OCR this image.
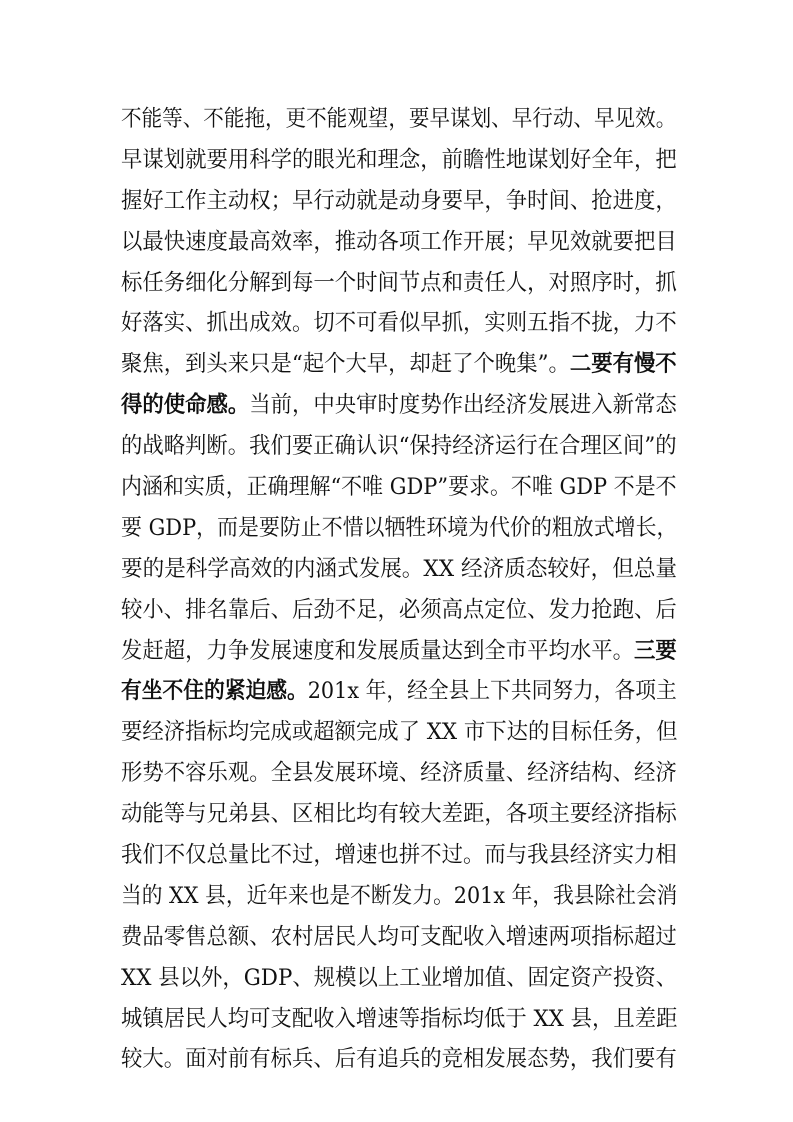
不能等、不能拖，更不能观望，要早谋划、早行动、早见效。
早谋划就要用科学的眼光和理念，前瞻性地谋划好全年，把
握好工作主动权；早行动就是动身要早，争时间、抢进度，
以最快速度最高效率，推动各项工作开展；早见效就要把目
标任务细化分解到每一个时间节点和责任人，对照序时，抓
好落实、抓出成效。切不可看似早抓，实则五指不拢，力不
聚焦，到头来只是“起个大早，却赶了个晚集”。二要有慢不
得的使命感。当前，中央审时度势作出经济发展进入新常态
的战略判断。我们要正确认识“保持经济运行在合理区间”的
内涵和实质，正确理解“不唯 GDP”要求。不唯 GDP 不是不
要 GDP，而是要防止不惜以牺牲环境为代价的粗放式增长，
要的是科学高效的内涵式发展。XX 经济质态较好，但总量
较小、排名靠后、后劲不足，必须高点定位、发力抢跑、后
发赶超，力争发展速度和发展质量达到全市平均水平。三要
有坐不住的紧迫感。201x 年，经全县上下共同努力，各项主
要经济指标均完成或超额完成了 XX 市下达的目标任务，但
形势不容乐观。全县发展环境、经济质量、经济结构、经济
动能等与兄弟县、区相比均有较大差距，各项主要经济指标
我们不仅总量比不过，增速也拼不过。而与我县经济实力相
当的 XX 县，近年来也是不断发力。201x 年，我县除社会消
费品零售总额、农村居民人均可支配收入增速两项指标超过
XX 县以外，GDP、规模以上工业增加值、固定资产投资、
城镇居民人均可支配收入增速等指标均低于 XX 县，且差距
较大。面对前有标兵、后有追兵的竞相发展态势，我们要有
